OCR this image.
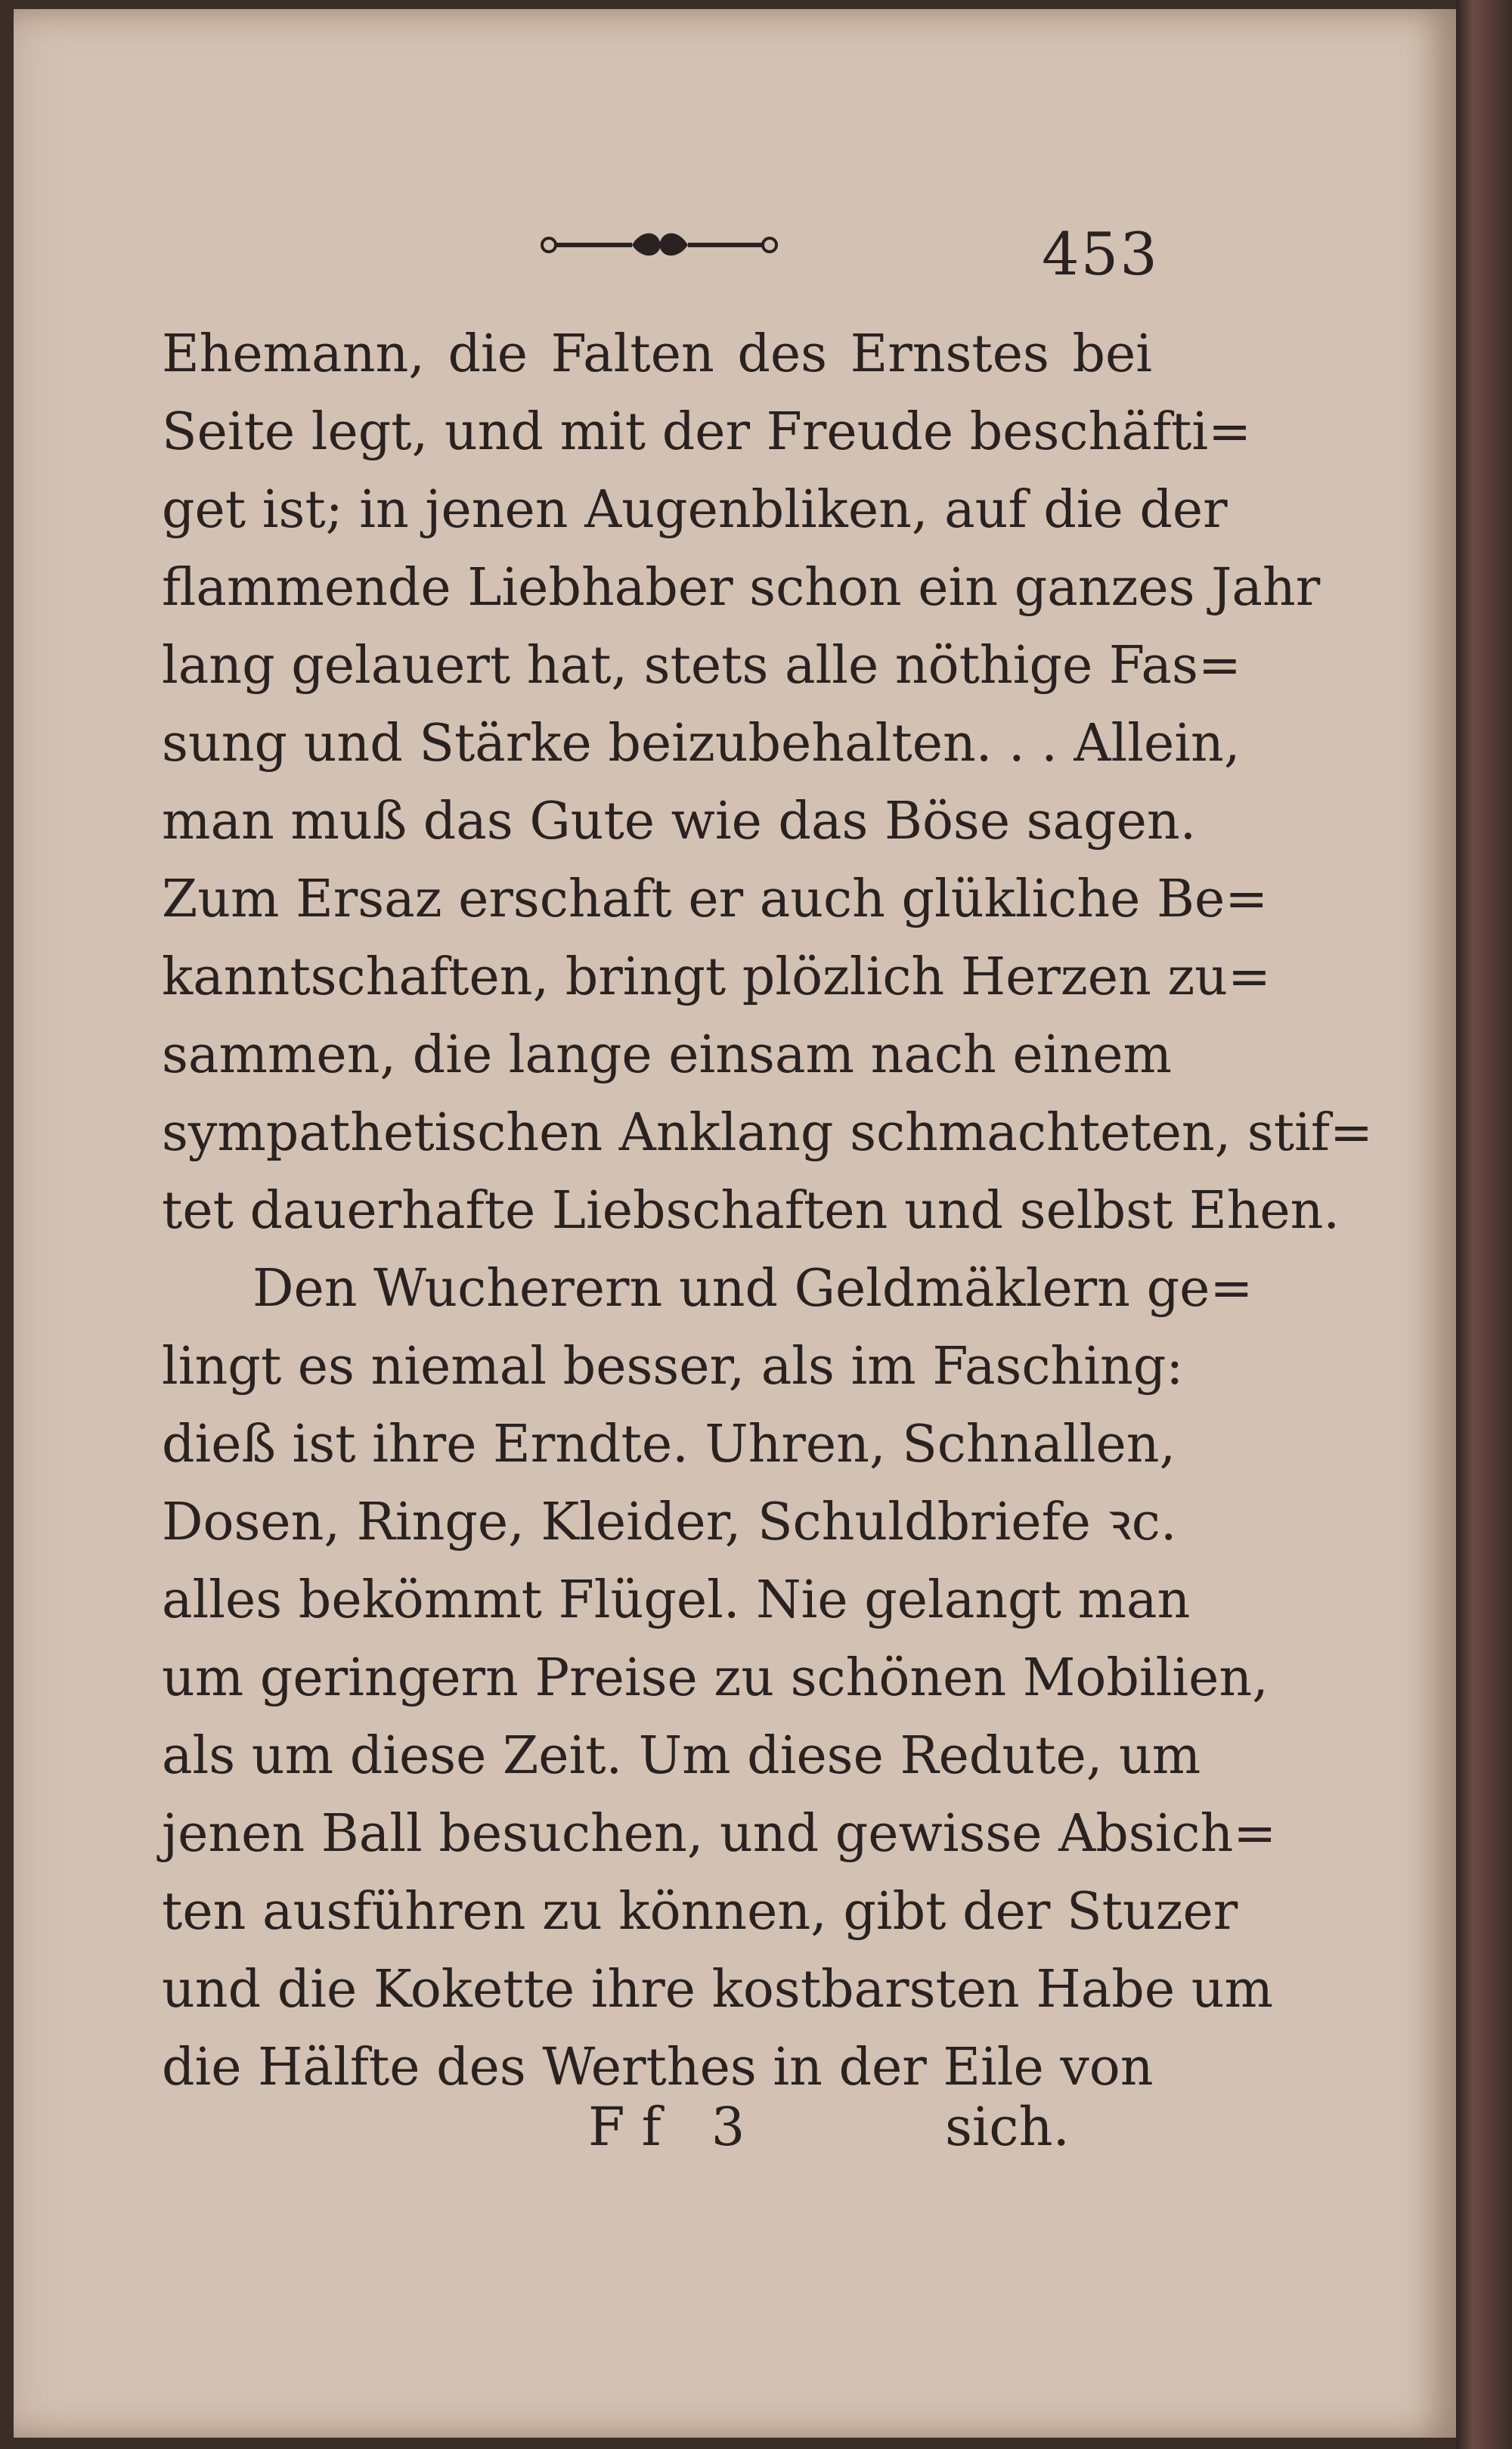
453
Ehemann, die Falten des Ernstes bei
Seite legt, und mit der Freude beschäfti=
get ist; in jenen Augenbliken, auf die der
flammende Liebhaber schon ein ganzes Jahr
lang gelauert hat, stets alle nöthige Fas=
sung und Stärke beizubehalten. . . Allein,
man muß das Gute wie das Böse sagen.
Zum Ersaz erschaft er auch glükliche Be=
kanntschaften, bringt plözlich Herzen zu=
sammen, die lange einsam nach einem
sympathetischen Anklang schmachteten, stif=
tet dauerhafte Liebschaften und selbst Ehen.
Den Wucherern und Geldmäklern ge=
lingt es niemal besser, als im Fasching:
dieß ist ihre Erndte. Uhren, Schnallen,
Dosen, Ringe, Kleider, Schuldbriefe ꝛc.
alles bekömmt Flügel. Nie gelangt man
um geringern Preise zu schönen Mobilien,
als um diese Zeit. Um diese Redute, um
jenen Ball besuchen, und gewisse Absich=
ten ausführen zu können, gibt der Stuzer
und die Kokette ihre kostbarsten Habe um
die Hälfte des Werthes in der Eile von
Ff 3	sich.
